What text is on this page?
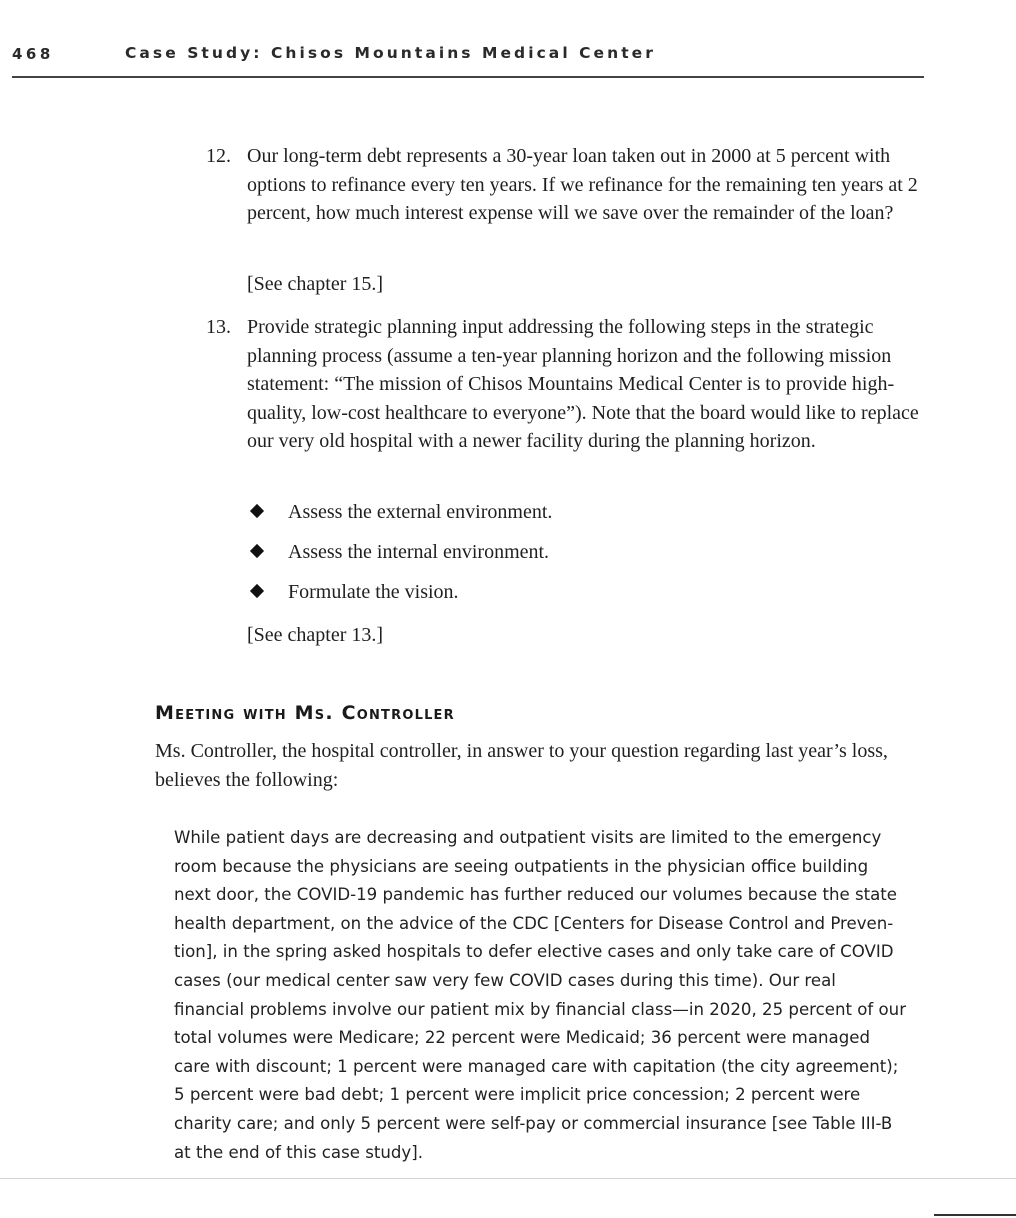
468	Case Study: Chisos Mountains Medical Center
12. Our long-term debt represents a 30-year loan taken out in 2000 at 5 percent with options to refinance every ten years. If we refinance for the remaining ten years at 2 percent, how much interest expense will we save over the remainder of the loan?

[See chapter 15.]
13. Provide strategic planning input addressing the following steps in the strategic planning process (assume a ten-year planning horizon and the following mission statement: “The mission of Chisos Mountains Medical Center is to provide high-quality, low-cost healthcare to everyone”). Note that the board would like to replace our very old hospital with a newer facility during the planning horizon.

Assess the external environment.
Assess the internal environment.
Formulate the vision.
[See chapter 13.]
Meeting with Ms. Controller

Ms. Controller, the hospital controller, in answer to your question regarding last year’s loss, believes the following:

While patient days are decreasing and outpatient visits are limited to the emergency room because the physicians are seeing outpatients in the physician office building next door, the COVID-19 pandemic has further reduced our volumes because the state health department, on the advice of the CDC [Centers for Disease Control and Preven-tion], in the spring asked hospitals to defer elective cases and only take care of COVID cases (our medical center saw very few COVID cases during this time). Our real financial problems involve our patient mix by financial class—in 2020, 25 percent of our total volumes were Medicare; 22 percent were Medicaid; 36 percent were managed care with discount; 1 percent were managed care with capitation (the city agreement); 5 percent were bad debt; 1 percent were implicit price concession; 2 percent were charity care; and only 5 percent were self-pay or commercial insurance [see Table III-B at the end of this case study].
